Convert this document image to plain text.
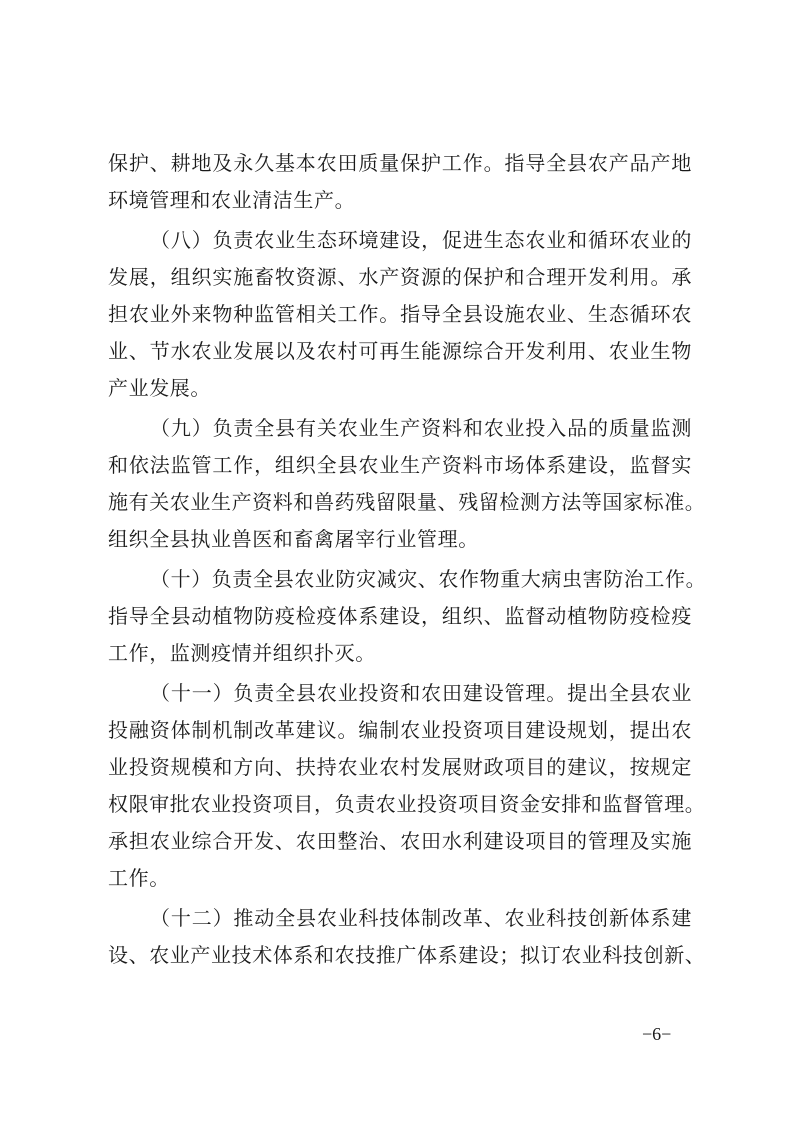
保护、耕地及永久基本农田质量保护工作。指导全县农产品产地
环境管理和农业清洁生产。
（八）负责农业生态环境建设，促进生态农业和循环农业的
发展，组织实施畜牧资源、水产资源的保护和合理开发利用。承
担农业外来物种监管相关工作。指导全县设施农业、生态循环农
业、节水农业发展以及农村可再生能源综合开发利用、农业生物
产业发展。
（九）负责全县有关农业生产资料和农业投入品的质量监测
和依法监管工作，组织全县农业生产资料市场体系建设，监督实
施有关农业生产资料和兽药残留限量、残留检测方法等国家标准。
组织全县执业兽医和畜禽屠宰行业管理。
（十）负责全县农业防灾减灾、农作物重大病虫害防治工作。
指导全县动植物防疫检疫体系建设，组织、监督动植物防疫检疫
工作，监测疫情并组织扑灭。
（十一）负责全县农业投资和农田建设管理。提出全县农业
投融资体制机制改革建议。编制农业投资项目建设规划，提出农
业投资规模和方向、扶持农业农村发展财政项目的建议，按规定
权限审批农业投资项目，负责农业投资项目资金安排和监督管理。
承担农业综合开发、农田整治、农田水利建设项目的管理及实施
工作。
（十二）推动全县农业科技体制改革、农业科技创新体系建
设、农业产业技术体系和农技推广体系建设；拟订农业科技创新、
−6−
